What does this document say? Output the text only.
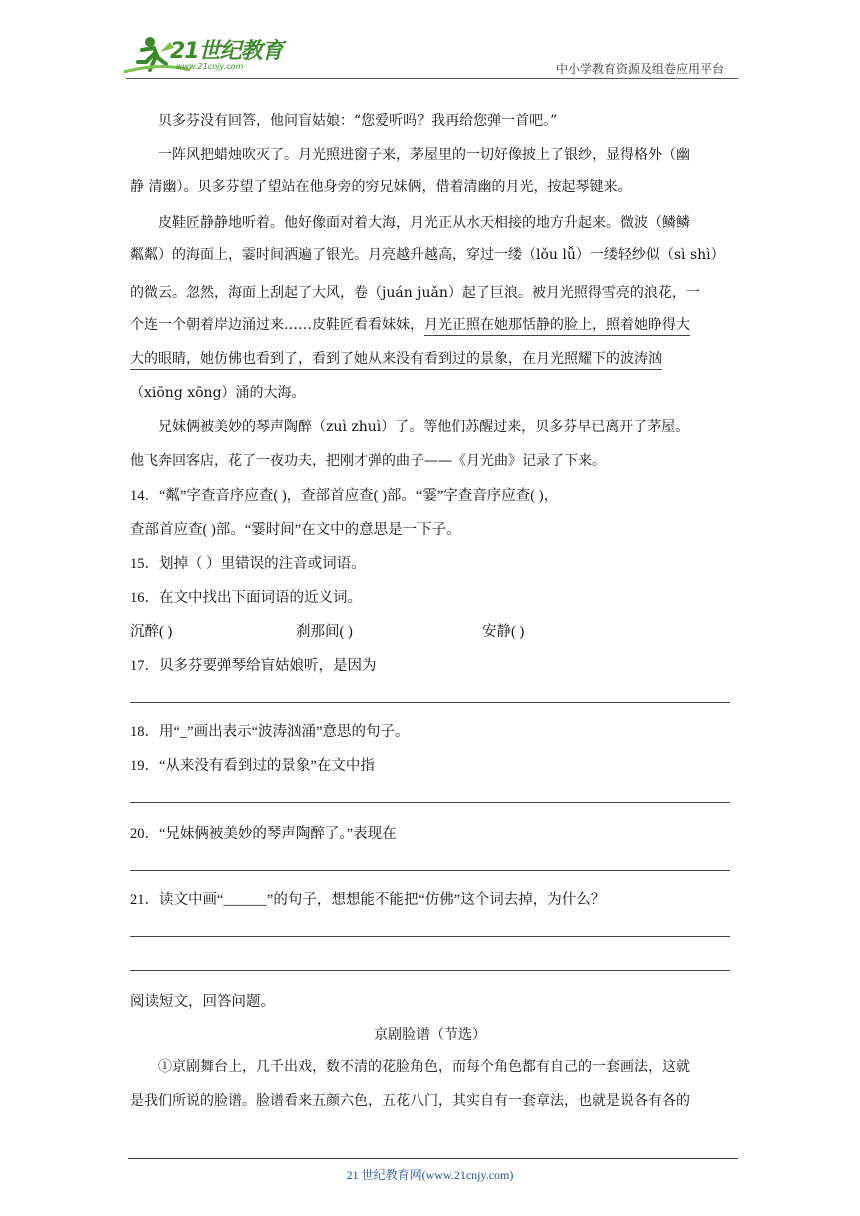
21世纪教育
www.21cnjy.com	中小学教育资源及组卷应用平台
贝多芬没有回答，他问盲姑娘：“您爱听吗？我再给您弹一首吧。”
一阵风把蜡烛吹灭了。月光照进窗子来，茅屋里的一切好像披上了银纱，显得格外（幽
静 清幽）。贝多芬望了望站在他身旁的穷兄妹俩，借着清幽的月光，按起琴键来。
皮鞋匠静静地听着。他好像面对着大海，月光正从水天相接的地方升起来。微波（鳞鳞
粼粼）的海面上，霎时间洒遍了银光。月亮越升越高，穿过一缕（lǒu lǚ）一缕轻纱似（sì shì）
的微云。忽然，海面上刮起了大风，卷（juán juǎn）起了巨浪。被月光照得雪亮的浪花，一
个连一个朝着岸边涌过来……皮鞋匠看看妹妹，月光正照在她那恬静的脸上，照着她睁得大
大的眼睛，她仿佛也看到了，看到了她从来没有看到过的景象，在月光照耀下的波涛汹
（xiōng xōng）涌的大海。
兄妹俩被美妙的琴声陶醉（zuì zhuì）了。等他们苏醒过来，贝多芬早已离开了茅屋。
他飞奔回客店，花了一夜功夫，把刚才弹的曲子——《月光曲》记录了下来。
14．“粼”字查音序应查( )，查部首应查( )部。“霎”字查音序应查( )，
查部首应查( )部。“霎时间”在文中的意思是一下子。
15．划掉（ ）里错误的注音或词语。
16．在文中找出下面词语的近义词。
沉醉( )	刹那间( )	安静( )
17．贝多芬要弹琴给盲姑娘听，是因为
18．用“_”画出表示“波涛汹涌”意思的句子。
19．“从来没有看到过的景象”在文中指
20．“兄妹俩被美妙的琴声陶醉了。”表现在
21．读文中画“______”的句子，想想能不能把“仿佛”这个词去掉，为什么？
阅读短文，回答问题。
京剧脸谱（节选）
①京剧舞台上，几千出戏，数不清的花脸角色，而每个角色都有自己的一套画法，这就
是我们所说的脸谱。脸谱看来五颜六色，五花八门，其实自有一套章法，也就是说各有各的
21 世纪教育网(www.21cnjy.com)
